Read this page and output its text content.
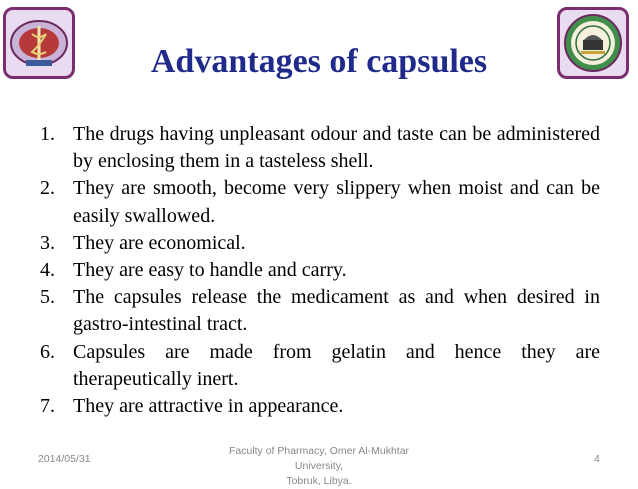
Advantages of capsules
1. The drugs having unpleasant odour and taste can be administered by enclosing them in a tasteless shell.
2. They are smooth, become very slippery when moist and can be easily swallowed.
3. They are economical.
4. They are easy to handle and carry.
5. The capsules release the medicament as and when desired in gastro-intestinal tract.
6. Capsules are made from gelatin and hence they are therapeutically inert.
7. They are attractive in appearance.
2014/05/31
Faculty of Pharmacy, Omer Al-Mukhtar University,
Tobruk, Libya.
4
